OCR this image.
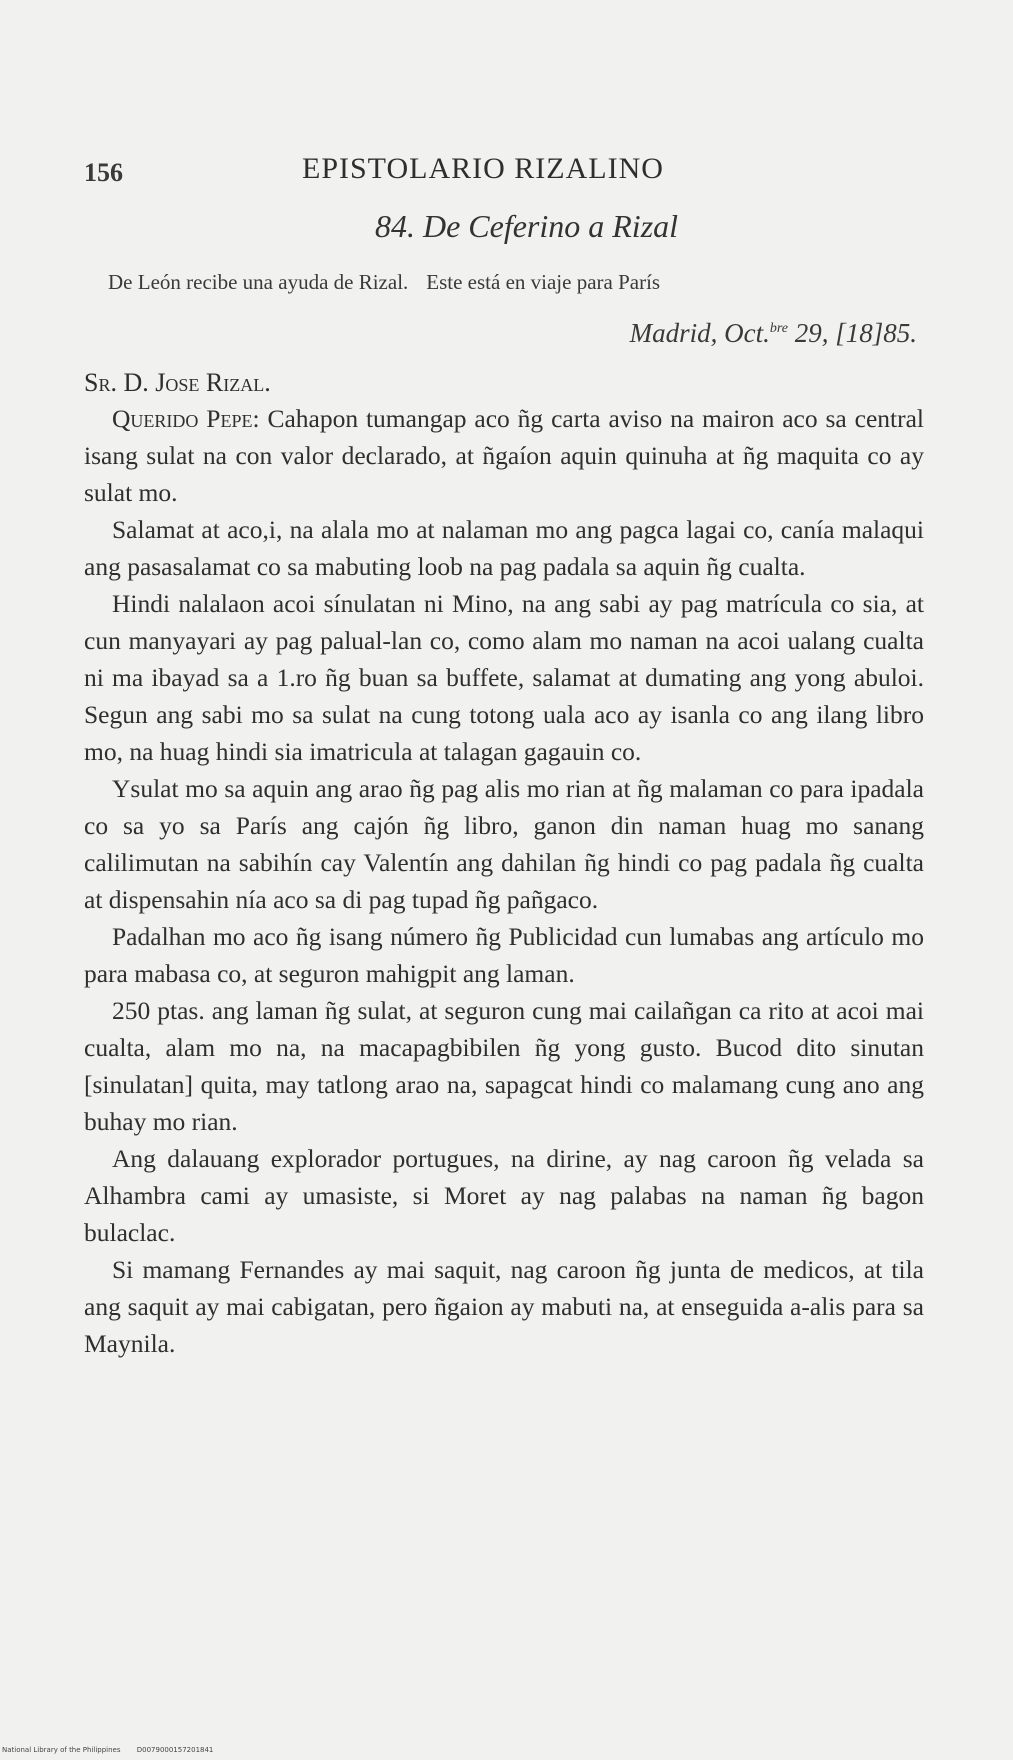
156	EPISTOLARIO RIZALINO
84. De Ceferino a Rizal
De León recibe una ayuda de Rizal. Este está en viaje para París
Madrid, Oct.$^{bre}$ 29, [18]85.
Sr. D. Jose Rizal.

Querido Pepe: Cahapon tumangap aco ñg carta aviso na mairon aco sa central isang sulat na con valor declarado, at ñgaíon aquin quinuha at ñg maquita co ay sulat mo.

Salamat at aco,i, na alala mo at nalaman mo ang pagca lagai co, canía malaqui ang pasasalamat co sa mabuting loob na pag padala sa aquin ñg cualta.

Hindi nalalaon acoi sínulatan ni Mino, na ang sabi ay pag matrícula co sia, at cun manyayari ay pag palual-lan co, como alam mo naman na acoi ualang cualta ni ma ibayad sa a 1.ro ñg buan sa buffete, salamat at dumating ang yong abuloi. Segun ang sabi mo sa sulat na cung totong uala aco ay isanla co ang ilang libro mo, na huag hindi sia imatricula at talagan gagauin co.

Ysulat mo sa aquin ang arao ñg pag alis mo rian at ñg malaman co para ipadala co sa yo sa París ang cajón ñg libro, ganon din naman huag mo sanang calilimutan na sabihín cay Valentín ang dahilan ñg hindi co pag padala ñg cualta at dispensahin nía aco sa di pag tupad ñg pañgaco.

Padalhan mo aco ñg isang número ñg Publicidad cun lumabas ang artículo mo para mabasa co, at seguron mahigpit ang laman.

250 ptas. ang laman ñg sulat, at seguron cung mai cailañgan ca rito at acoi mai cualta, alam mo na, na macapagbibilen ñg yong gusto. Bucod dito sinutan [sinulatan] quita, may tatlong arao na, sapagcat hindi co malamang cung ano ang buhay mo rian.

Ang dalauang explorador portugues, na dirine, ay nag caroon ñg velada sa Alhambra cami ay umasiste, si Moret ay nag palabas na naman ñg bagon bulaclac.

Si mamang Fernandes ay mai saquit, nag caroon ñg junta de medicos, at tila ang saquit ay mai cabigatan, pero ñgaion ay mabuti na, at enseguida a-alis para sa Maynila.

National Library of the Philippines D0079000157201841
